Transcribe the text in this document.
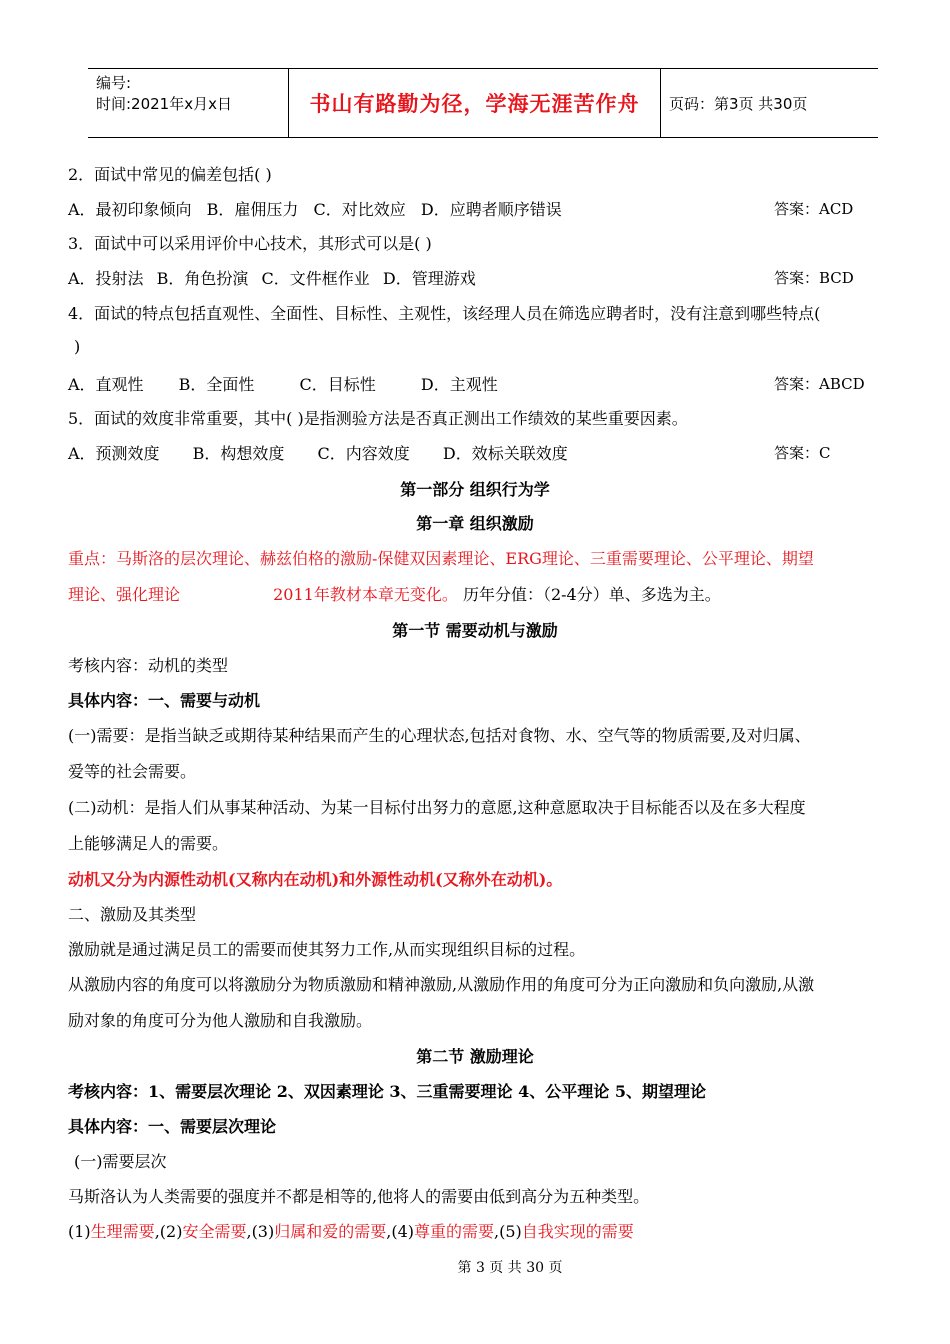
编号:
时间:2021年x月x日	书山有路勤为径，学海无涯苦作舟	页码：第3页 共30页
2．面试中常见的偏差包括( )
A．最初印象倾向 B．雇佣压力 C．对比效应 D．应聘者顺序错误	答案：ACD
3．面试中可以采用评价中心技术，其形式可以是( )
A．投射法 B．角色扮演 C．文件框作业 D．管理游戏	答案：BCD
4．面试的特点包括直观性、全面性、目标性、主观性，该经理人员在筛选应聘者时，没有注意到哪些特点(
)
A．直观性 B．全面性	C．目标性	D．主观性	答案：ABCD
5．面试的效度非常重要，其中( )是指测验方法是否真正测出工作绩效的某些重要因素。
A．预测效度 B．构想效度 C．内容效度 D．效标关联效度	答案：C
第一部分 组织行为学
第一章 组织激励
重点：马斯洛的层次理论、赫兹伯格的激励-保健双因素理论、ERG理论、三重需要理论、公平理论、期望
理论、强化理论	2011年教材本章无变化。 历年分值：（2-4分）单、多选为主。
第一节 需要动机与激励
考核内容：动机的类型
具体内容：一、需要与动机
(一)需要：是指当缺乏或期待某种结果而产生的心理状态,包括对食物、水、空气等的物质需要,及对归属、
爱等的社会需要。
(二)动机：是指人们从事某种活动、为某一目标付出努力的意愿,这种意愿取决于目标能否以及在多大程度
上能够满足人的需要。
动机又分为内源性动机(又称内在动机)和外源性动机(又称外在动机)。
二、激励及其类型
激励就是通过满足员工的需要而使其努力工作,从而实现组织目标的过程。
从激励内容的角度可以将激励分为物质激励和精神激励,从激励作用的角度可分为正向激励和负向激励,从激
励对象的角度可分为他人激励和自我激励。
第二节 激励理论
考核内容：1、需要层次理论 2、双因素理论 3、三重需要理论 4、公平理论 5、期望理论
具体内容：一、需要层次理论
(一)需要层次
马斯洛认为人类需要的强度并不都是相等的,他将人的需要由低到高分为五种类型。
(1)生理需要,(2)安全需要,(3)归属和爱的需要,(4)尊重的需要,(5)自我实现的需要
第 3 页 共 30 页
